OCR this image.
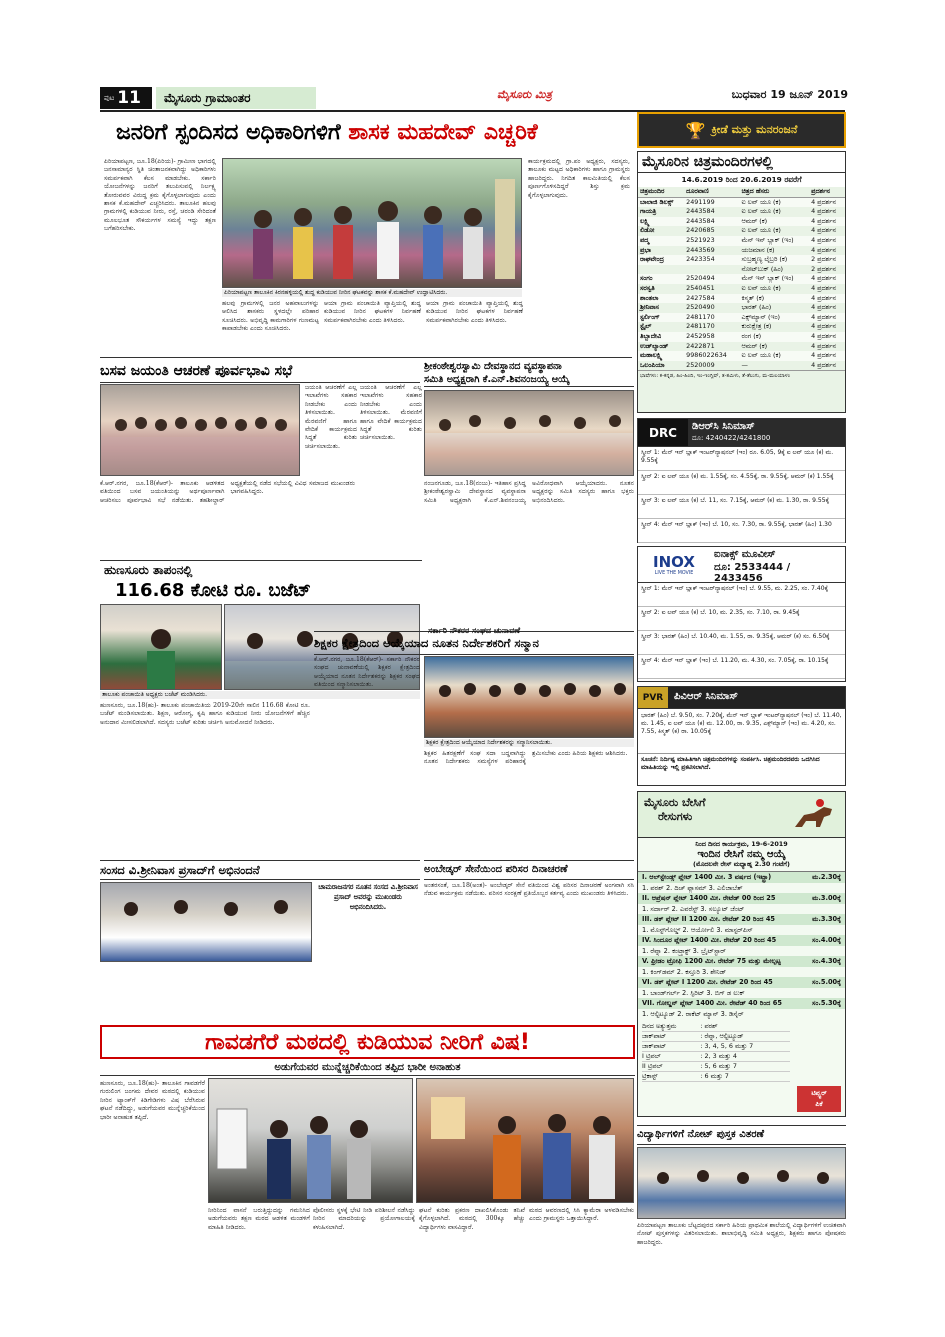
ಪುಟ 11	ಮೈಸೂರು ಗ್ರಾಮಾಂತರ	ಮೈಸೂರು ಮಿತ್ರ	ಬುಧವಾರ 19 ಜೂನ್ 2019
🏆 ಕ್ರೀಡೆ ಮತ್ತು ಮನರಂಜನೆ
ಜನರಿಗೆ ಸ್ಪಂದಿಸದ ಅಧಿಕಾರಿಗಳಿಗೆ ಶಾಸಕ ಮಹದೇವ್ ಎಚ್ಚರಿಕೆ
ಪಿರಿಯಾಪಟ್ಟಣ, ಜೂ.18(ಪಿರಿಯ)- ಗ್ರಾಮೀಣ ಭಾಗದಲ್ಲಿ ಜನಸಾಮಾನ್ಯರ ಸ್ಥಿತಿ ಚಿಂತಾಜನಕವಾಗಿದ್ದು ಅಧಿಕಾರಿಗಳು ಸಮರ್ಪಕವಾಗಿ ಕೆಲಸ ಮಾಡಬೇಕು. ಸರ್ಕಾರಿ ಯೋಜನೆಗಳನ್ನು ಜನರಿಗೆ ತಲುಪಿಸುವಲ್ಲಿ ನಿರ್ಲಕ್ಷ್ಯ ತೋರುವವರ ವಿರುದ್ಧ ಕ್ರಮ ಕೈಗೊಳ್ಳಲಾಗುವುದು ಎಂದು ಶಾಸಕ ಕೆ.ಮಹದೇವ್ ಎಚ್ಚರಿಸಿದರು. ತಾಲೂಕಿನ ಹಲವು ಗ್ರಾಮಗಳಲ್ಲಿ ಕುಡಿಯುವ ನೀರು, ರಸ್ತೆ, ಚರಂಡಿ ಸೇರಿದಂತೆ ಮೂಲಭೂತ ಸೌಕರ್ಯಗಳ ಸಮಸ್ಯೆ ಇದ್ದು ತಕ್ಷಣ ಬಗೆಹರಿಸಬೇಕು.
ಪಿರಿಯಾಪಟ್ಟಣ ತಾಲೂಕಿನ ಕಿರನಹಳ್ಳಿಯಲ್ಲಿ ಶುದ್ಧ ಕುಡಿಯುವ ನೀರಿನ ಘಟಕವನ್ನು ಶಾಸಕ ಕೆ.ಮಹದೇವ್ ಉದ್ಘಾಟಿಸಿದರು.
ಹಲವು ಗ್ರಾಮಗಳಲ್ಲಿ ಜನರ ಅಹವಾಲುಗಳನ್ನು ಆಲಿಸಿದ ಶಾಸಕರು ಸ್ಥಳದಲ್ಲೇ ಪರಿಹಾರ ಸೂಚಿಸಿದರು. ಅಭಿವೃದ್ಧಿ ಕಾಮಗಾರಿಗಳ ಗುಣಮಟ್ಟ ಕಾಪಾಡಬೇಕು ಎಂದು ಸೂಚಿಸಿದರು.
ಆಯಾ ಗ್ರಾಮ ಪಂಚಾಯಿತಿ ವ್ಯಾಪ್ತಿಯಲ್ಲಿ ಶುದ್ಧ ಕುಡಿಯುವ ನೀರಿನ ಘಟಕಗಳ ನಿರ್ವಹಣೆ ಸಮರ್ಪಕವಾಗಿರಬೇಕು ಎಂದು ತಿಳಿಸಿದರು.
ಆಯಾ ಗ್ರಾಮ ಪಂಚಾಯಿತಿ ವ್ಯಾಪ್ತಿಯಲ್ಲಿ ಶುದ್ಧ ಕುಡಿಯುವ ನೀರಿನ ಘಟಕಗಳ ನಿರ್ವಹಣೆ ಸಮರ್ಪಕವಾಗಿರಬೇಕು ಎಂದು ತಿಳಿಸಿದರು.
ಕಾರ್ಯಕ್ರಮದಲ್ಲಿ ಗ್ರಾ.ಪಂ ಅಧ್ಯಕ್ಷರು, ಸದಸ್ಯರು, ತಾಲೂಕು ಮಟ್ಟದ ಅಧಿಕಾರಿಗಳು ಹಾಗೂ ಗ್ರಾಮಸ್ಥರು ಹಾಜರಿದ್ದರು. ನಿಗದಿತ ಕಾಲಮಿತಿಯಲ್ಲಿ ಕೆಲಸ ಪೂರ್ಣಗೊಳಿಸದಿದ್ದರೆ ಶಿಸ್ತು ಕ್ರಮ ಕೈಗೊಳ್ಳಲಾಗುವುದು.
ಬಸವ ಜಯಂತಿ ಆಚರಣೆ ಪೂರ್ವಭಾವಿ ಸಭೆ
ಜಯಂತಿ ಆಚರಣೆಗೆ ಎಲ್ಲ ಇಲಾಖೆಗಳು ಸಹಕಾರ ನೀಡಬೇಕು ಎಂದು ತಿಳಿಸಲಾಯಿತು. ಮೆರವಣಿಗೆ ಹಾಗೂ ವೇದಿಕೆ ಕಾರ್ಯಕ್ರಮದ ಸಿದ್ಧತೆ ಕುರಿತು ಚರ್ಚಿಸಲಾಯಿತು.
ಕೆ.ಆರ್.ನಗರ, ಜೂ.18(ಕೆಆರ್)- ತಾಲೂಕು ಆಡಳಿತದ ವತಿಯಿಂದ ಬಸವ ಜಯಂತಿಯನ್ನು ಅರ್ಥಪೂರ್ಣವಾಗಿ ಆಚರಿಸಲು ಪೂರ್ವಭಾವಿ ಸಭೆ ನಡೆಯಿತು. ತಹಶೀಲ್ದಾರ್ ಅಧ್ಯಕ್ಷತೆಯಲ್ಲಿ ನಡೆದ ಸಭೆಯಲ್ಲಿ ವಿವಿಧ ಸಮಾಜದ ಮುಖಂಡರು ಭಾಗವಹಿಸಿದ್ದರು.
ಜಯಂತಿ ಆಚರಣೆಗೆ ಎಲ್ಲ ಇಲಾಖೆಗಳು ಸಹಕಾರ ನೀಡಬೇಕು ಎಂದು ತಿಳಿಸಲಾಯಿತು. ಮೆರವಣಿಗೆ ಹಾಗೂ ವೇದಿಕೆ ಕಾರ್ಯಕ್ರಮದ ಸಿದ್ಧತೆ ಕುರಿತು ಚರ್ಚಿಸಲಾಯಿತು.
ಶ್ರೀಕಂಠೇಶ್ವರಸ್ವಾಮಿ ದೇವಸ್ಥಾನದ ವ್ಯವಸ್ಥಾಪನಾ
ಸಮಿತಿ ಅಧ್ಯಕ್ಷರಾಗಿ ಕೆ.ಎನ್.ಶಿವನಂಜಯ್ಯ ಆಯ್ಕೆ
ನಂಜನಗೂಡು, ಜೂ.18(ನಂಜು)- ಇತಿಹಾಸ ಪ್ರಸಿದ್ಧ ಶ್ರೀಕಂಠೇಶ್ವರಸ್ವಾಮಿ ದೇವಸ್ಥಾನದ ವ್ಯವಸ್ಥಾಪನಾ ಸಮಿತಿ ಅಧ್ಯಕ್ಷರಾಗಿ ಕೆ.ಎನ್.ಶಿವನಂಜಯ್ಯ ಅವಿರೋಧವಾಗಿ ಆಯ್ಕೆಯಾದರು. ನೂತನ ಅಧ್ಯಕ್ಷರನ್ನು ಸಮಿತಿ ಸದಸ್ಯರು ಹಾಗೂ ಭಕ್ತರು ಅಭಿನಂದಿಸಿದರು.
ಹುಣಸೂರು ತಾಪಂನಲ್ಲಿ
116.68 ಕೋಟಿ ರೂ. ಬಜೆಟ್
ತಾಲೂಕು ಪಂಚಾಯಿತಿ ಅಧ್ಯಕ್ಷರು ಬಜೆಟ್ ಮಂಡಿಸಿದರು.
ಹುಣಸೂರು, ಜೂ.18(ಹು)- ತಾಲೂಕು ಪಂಚಾಯಿತಿಯ 2019-20ನೇ ಸಾಲಿನ 116.68 ಕೋಟಿ ರೂ. ಬಜೆಟ್ ಮಂಡಿಸಲಾಯಿತು. ಶಿಕ್ಷಣ, ಆರೋಗ್ಯ, ಕೃಷಿ ಹಾಗೂ ಕುಡಿಯುವ ನೀರು ಯೋಜನೆಗಳಿಗೆ ಹೆಚ್ಚಿನ ಅನುದಾನ ಮೀಸಲಿಡಲಾಗಿದೆ. ಸದಸ್ಯರು ಬಜೆಟ್ ಕುರಿತು ಚರ್ಚಿಸಿ ಅನುಮೋದನೆ ನೀಡಿದರು.
ಸರ್ಕಾರಿ ನೌಕರರ ಸಂಘದ ಚುನಾವಣೆ
ಶಿಕ್ಷಕರ ಕ್ಷೇತ್ರದಿಂದ ಆಯ್ಕೆಯಾದ ನೂತನ ನಿರ್ದೇಶಕರಿಗೆ ಸನ್ಮಾನ
ಕೆ.ಆರ್.ನಗರ, ಜೂ.18(ಕೆಆರ್)- ಸರ್ಕಾರಿ ನೌಕರರ ಸಂಘದ ಚುನಾವಣೆಯಲ್ಲಿ ಶಿಕ್ಷಕರ ಕ್ಷೇತ್ರದಿಂದ ಆಯ್ಕೆಯಾದ ನೂತನ ನಿರ್ದೇಶಕರನ್ನು ಶಿಕ್ಷಕರ ಸಂಘದ ವತಿಯಿಂದ ಸನ್ಮಾನಿಸಲಾಯಿತು.
ಶಿಕ್ಷಕರ ಕ್ಷೇತ್ರದಿಂದ ಆಯ್ಕೆಯಾದ ನಿರ್ದೇಶಕರನ್ನು ಸನ್ಮಾನಿಸಲಾಯಿತು.
ಶಿಕ್ಷಕರ ಹಿತರಕ್ಷಣೆಗೆ ಸಂಘ ಸದಾ ಬದ್ಧವಾಗಿದ್ದು ನೂತನ ನಿರ್ದೇಶಕರು ಸಮಸ್ಯೆಗಳ ಪರಿಹಾರಕ್ಕೆ ಶ್ರಮಿಸಬೇಕು ಎಂದು ಹಿರಿಯ ಶಿಕ್ಷಕರು ಆಶಿಸಿದರು.
ಸಂಸದ ವಿ.ಶ್ರೀನಿವಾಸ ಪ್ರಸಾದ್‌ಗೆ ಅಭಿನಂದನೆ
ಚಾಮರಾಜನಗರ ನೂತನ ಸಂಸದ ವಿ.ಶ್ರೀನಿವಾಸ ಪ್ರಸಾದ್ ಅವರನ್ನು ಮುಖಂಡರು ಅಭಿನಂದಿಸಿದರು.
ಅಂಬೇಡ್ಕರ್ ಸೇನೆಯಿಂದ ಪರಿಸರ ದಿನಾಚರಣೆ
ಅಂತರಸಂತೆ, ಜೂ.18(ಅಂತ)- ಅಂಬೇಡ್ಕರ್ ಸೇನೆ ವತಿಯಿಂದ ವಿಶ್ವ ಪರಿಸರ ದಿನಾಚರಣೆ ಅಂಗವಾಗಿ ಸಸಿ ನೆಡುವ ಕಾರ್ಯಕ್ರಮ ನಡೆಯಿತು. ಪರಿಸರ ಸಂರಕ್ಷಣೆ ಪ್ರತಿಯೊಬ್ಬರ ಕರ್ತವ್ಯ ಎಂದು ಮುಖಂಡರು ತಿಳಿಸಿದರು.
ಗಾವಡಗೆರೆ ಮಠದಲ್ಲಿ ಕುಡಿಯುವ ನೀರಿಗೆ ವಿಷ!
ಅಡುಗೆಯವರ ಮುನ್ನೆಚ್ಚರಿಕೆಯಿಂದ ತಪ್ಪಿದ ಭಾರೀ ಅನಾಹುತ
ಹುಣಸೂರು, ಜೂ.18(ಹು)- ತಾಲೂಕಿನ ಗಾವಡಗೆರೆ ಗುರುಲಿಂಗ ಜಂಗಮ ದೇವರ ಮಠದಲ್ಲಿ ಕುಡಿಯುವ ನೀರಿನ ಟ್ಯಾಂಕ್‌ಗೆ ಕಿಡಿಗೇಡಿಗಳು ವಿಷ ಬೆರೆಸಿರುವ ಘಟನೆ ನಡೆದಿದ್ದು, ಅಡುಗೆಯವರ ಮುನ್ನೆಚ್ಚರಿಕೆಯಿಂದ ಭಾರೀ ಅನಾಹುತ ತಪ್ಪಿದೆ.
ನೀರಿನಿಂದ ವಾಸನೆ ಬರುತ್ತಿದ್ದುದನ್ನು ಗಮನಿಸಿದ ಅಡುಗೆಯವರು ತಕ್ಷಣ ಮಠದ ಆಡಳಿತ ಮಂಡಳಿಗೆ ಮಾಹಿತಿ ನೀಡಿದರು.
ಪೊಲೀಸರು ಸ್ಥಳಕ್ಕೆ ಭೇಟಿ ನೀಡಿ ಪರಿಶೀಲನೆ ನಡೆಸಿದ್ದು ನೀರಿನ ಮಾದರಿಯನ್ನು ಪ್ರಯೋಗಾಲಯಕ್ಕೆ ಕಳುಹಿಸಲಾಗಿದೆ.
ಘಟನೆ ಕುರಿತು ಪ್ರಕರಣ ದಾಖಲಿಸಿಕೊಂಡು ತನಿಖೆ ಕೈಗೊಳ್ಳಲಾಗಿದೆ. ಮಠದಲ್ಲಿ 300ಕ್ಕೂ ಹೆಚ್ಚು ವಿದ್ಯಾರ್ಥಿಗಳು ವಾಸವಿದ್ದಾರೆ.
ಮಠದ ಆವರಣದಲ್ಲಿ ಸಿಸಿ ಕ್ಯಾಮೆರಾ ಅಳವಡಿಸಬೇಕು ಎಂದು ಗ್ರಾಮಸ್ಥರು ಒತ್ತಾಯಿಸಿದ್ದಾರೆ.
ಮೈಸೂರಿನ ಚಿತ್ರಮಂದಿರಗಳಲ್ಲಿ
14.6.2019 ರಿಂದ 20.6.2019 ರವರೆಗೆ
ಚಿತ್ರಮಂದಿರ	ದೂರವಾಣಿ	ಚಿತ್ರದ ಹೆಸರು	ಪ್ರದರ್ಶನ
ಬಾಲಾಜಿ ಡಿಲಕ್ಸ್	2491199	ಐ ಲವ್ ಯೂ (ಕ)	4 ಪ್ರದರ್ಶನ
ಗಾಯತ್ರಿ	2443584	ಐ ಲವ್ ಯೂ (ಕ)	4 ಪ್ರದರ್ಶನ
ಲಕ್ಷ್ಮಿ	2443584	ಆಮರ್ (ಕ)	4 ಪ್ರದರ್ಶನ
ಲಿಡೋ	2420685	ಐ ಲವ್ ಯೂ (ಕ)	4 ಪ್ರದರ್ಶನ
ಪದ್ಮ	2521923	ಮೆನ್ ಇನ್ ಬ್ಲಾಕ್ (ಇಂ)	4 ಪ್ರದರ್ಶನ
ಪ್ರಭಾ	2443569	ಯಜಮಾನ (ಕ)	4 ಪ್ರದರ್ಶನ
ರಾಘವೇಂದ್ರ	2423354	ಸುಬ್ರಹ್ಮಣ್ಯ ಲೈಬ್ರರಿ (ಕ)	2 ಪ್ರದರ್ಶನ
		ನೋಟ್‌ಬುಕ್ (ಹಿಂ)	2 ಪ್ರದರ್ಶನ
ಸಂಗಂ	2520494	ಮೆನ್ ಇನ್ ಬ್ಲಾಕ್ (ಇಂ)	4 ಪ್ರದರ್ಶನ
ಸರಸ್ವತಿ	2540451	ಐ ಲವ್ ಯೂ (ಕ)	4 ಪ್ರದರ್ಶನ
ಶಾಂತಲಾ	2427584	ಕಿಸ್ಮತ್ (ಕ)	4 ಪ್ರದರ್ಶನ
ಶ್ರೀನಿವಾಸ	2520490	ಭಾರತ್ (ಹಿಂ)	4 ಪ್ರದರ್ಶನ
ಸ್ಟರ್ಲಿಂಗ್	2481170	ಎಕ್ಸ್‌ಮ್ಯಾನ್ (ಇಂ)	4 ಪ್ರದರ್ಶನ
ಸ್ಟೈಲ್	2481170	ಕುರುಕ್ಷೇತ್ರ (ಕ)	4 ಪ್ರದರ್ಶನ
ತಿಬ್ಬಾದೇವಿ	2452958	ರಂಗ (ಕ)	4 ಪ್ರದರ್ಶನ
ಉಡ್‌ಲ್ಯಾಂಡ್	2422871	ಆಮರ್ (ಕ)	4 ಪ್ರದರ್ಶನ
ಮಹಾಲಕ್ಷ್ಮಿ	9986022634	ಐ ಲವ್ ಯೂ (ಕ)	4 ಪ್ರದರ್ಶನ
ಒಲಂಪಿಯಾ	2520009	—	4 ಪ್ರದರ್ಶನ
ಭಾಷೆಗಳು: ಕ-ಕನ್ನಡ, ಹಿಂ-ಹಿಂದಿ, ಇಂ-ಇಂಗ್ಲಿಷ್, ತ-ತಮಿಳು, ತೆ-ತೆಲುಗು, ಮ-ಮಲಯಾಳಂ
DRC	ಡಿಆರ್‌ಸಿ ಸಿನಿಮಾಸ್
ದೂ: 4240422/4241800
ಸ್ಕ್ರೀನ್ 1: ಮೆನ್ ಇನ್ ಬ್ಲಾಕ್ ಇಂಟರ್‌ನ್ಯಾಷನಲ್ (ಇಂ) ರೂ. 6.05, 9ಕ್ಕೆ ಐ ಲವ್ ಯೂ (ಕ) ಮ. 9.55ಕ್ಕೆ
ಸ್ಕ್ರೀನ್ 2: ಐ ಲವ್ ಯೂ (ಕ) ಮ. 1.55ಕ್ಕೆ, ಸಂ. 4.55ಕ್ಕೆ, ರಾ. 9.55ಕ್ಕೆ, ಆಮರ್ (ಕ) 1.55ಕ್ಕೆ
ಸ್ಕ್ರೀನ್ 3: ಐ ಲವ್ ಯೂ (ಕ) ಬೆ. 11, ಸಂ. 7.15ಕ್ಕೆ, ಆಮರ್ (ಕ) ಮ. 1.30, ರಾ. 9.55ಕ್ಕೆ
ಸ್ಕ್ರೀನ್ 4: ಮೆನ್ ಇನ್ ಬ್ಲಾಕ್ (ಇಂ) ಬೆ. 10, ಸಂ. 7.30, ರಾ. 9.55ಕ್ಕೆ, ಭಾರತ್ (ಹಿಂ) 1.30
INOX
LIVE THE MOVIE
ಐನಾಕ್ಸ್ ಮೂವೀಸ್
ದೂ: 2533444 / 2433456
ಸ್ಕ್ರೀನ್ 1: ಮೆನ್ ಇನ್ ಬ್ಲಾಕ್ ಇಂಟರ್‌ನ್ಯಾಷನಲ್ (ಇಂ) ಬೆ. 9.55, ಮ. 2.25, ಸಂ. 7.40ಕ್ಕೆ
ಸ್ಕ್ರೀನ್ 2: ಐ ಲವ್ ಯೂ (ಕ) ಬೆ. 10, ಮ. 2.35, ಸಂ. 7.10, ರಾ. 9.45ಕ್ಕೆ
ಸ್ಕ್ರೀನ್ 3: ಭಾರತ್ (ಹಿಂ) ಬೆ. 10.40, ಮ. 1.55, ರಾ. 9.35ಕ್ಕೆ, ಆಮರ್ (ಕ) ಸಂ. 6.50ಕ್ಕೆ
ಸ್ಕ್ರೀನ್ 4: ಮೆನ್ ಇನ್ ಬ್ಲಾಕ್ (ಇಂ) ಬೆ. 11.20, ಮ. 4.30, ಸಂ. 7.05ಕ್ಕೆ, ರಾ. 10.15ಕ್ಕೆ
PVR	ಪಿವಿಆರ್ ಸಿನಿಮಾಸ್
ಭಾರತ್ (ಹಿಂ) ಬೆ. 9.50, ಸಂ. 7.20ಕ್ಕೆ, ಮೆನ್ ಇನ್ ಬ್ಲಾಕ್ ಇಂಟರ್‌ನ್ಯಾಷನಲ್ (ಇಂ) ಬೆ. 11.40, ಮ. 1.45, ಐ ಲವ್ ಯೂ (ಕ) ಮ. 12.00, ರಾ. 9.35, ಎಕ್ಸ್‌ಮ್ಯಾನ್ (ಇಂ) ಮ. 4.20, ಸಂ. 7.55, ಕಿಸ್ಮತ್ (ಕ) ರಾ. 10.05ಕ್ಕೆ
ಸೂಚನೆ: ನಿರ್ದಿಷ್ಟ ಮಾಹಿತಿಗಾಗಿ ಚಿತ್ರಮಂದಿರಗಳನ್ನು ಸಂಪರ್ಕಿಸಿ. ಚಿತ್ರಮಂದಿರದವರು ಒದಗಿಸಿದ ಮಾಹಿತಿಯನ್ನು ಇಲ್ಲಿ ಪ್ರಕಟಿಸಲಾಗಿದೆ.
ಮೈಸೂರು ಬೇಸಿಗೆ
ರೇಸುಗಳು
ನಿಂದ ದಿನದ ಕಾರ್ಯಕ್ರಮ, 19-6-2019
ಇಂದಿನ ರೇಸಿಗೆ ನಮ್ಮ ಆಯ್ಕೆ
(ಮೊದಲನೇ ರೇಸ್ ಮಧ್ಯಾಹ್ನ 2.30 ಗಂಟೆಗೆ)
I. ಆಲ್‌ಸ್ಟೇಂಡ್ಸ್ ಪ್ಲೇಟ್ 1400 ಮೀ. 3 ವರ್ಷದ (ಇಟ್ಟ್ರಾ)	ಮ.2.30ಕ್ಕೆ
1. ಪರಶ್ 2. ದಿಚ್ ಫ್ಲಾಸಮ್ 3. ಎಲಿಜಾಬೆತ್
II. ಆಪ್ರೆಷನ್ ಪ್ಲೇಟ್ 1400 ಮೀ. ರೇಟೆಡ್ 00 ರಿಂದ 25	ಮ.3.00ಕ್ಕೆ
1. ಸರ್ದಾರ್ 2. ಎವರೆಸ್ಟ್ 3. ಸಲ್ಯೂಟ್ ಜೆಂಟ್
III. ಡಕ್ ಪ್ಲೇಟ್ II 1200 ಮೀ. ರೇಟೆಡ್ 20 ರಿಂದ 45	ಮ.3.30ಕ್ಕೆ
1. ಮೊಸ್ಟ್‌ಗೊಲ್ಡ್ 2. ಆರ್ಯೋಲಿ 3. ಮಾಸ್ಟರ್‌ಪಿಸ್
IV. ಸಿಂದೂರ ಪ್ಲೇಟ್ 1400 ಮೀ. ರೇಟೆಡ್ 20 ರಿಂದ 45	ಸಂ.4.00ಕ್ಕೆ
1. ರೆವ್ನಾ 2. ಕಂಟ್ರ್ಯಾಕ್ಟ್ 3. ಬ್ರೈಟ್‌ಸ್ಟಾರ್
V. ಫ್ರೀಡಂ ಟ್ರೋಫಿ 1200 ಮೀ. ರೇಟೆಡ್ 75 ಮತ್ತು ಮೇಲ್ಪಟ್ಟ	ಸಂ.4.30ಕ್ಕೆ
1. ಕಿಂಗ್‌ಡಮ್ 2. ಕಸ್ತೂರಿ 3. ಶೇನಿಡ್
VI. ಡಕ್ ಪ್ಲೇಟ್ I 1200 ಮೀ. ರೇಟೆಡ್ 20 ರಿಂದ 45	ಸಂ.5.00ಕ್ಕೆ
1. ಬಾಂಡ್‌ಗರ್ಲ್ 2. ಸ್ಪಿರಿಟ್ 3. ಬಿಗ್ ಡ ಲುಕ್
VII. ಗೋಲ್ಡನ್ ಪ್ಲೇಟ್ 1400 ಮೀ. ರೇಟೆಡ್ 40 ರಿಂದ 65	ಸಂ.5.30ಕ್ಕೆ
1. ಆಲ್ಟಿಟ್ಯೂಡ್ 2. ರಾಕೆಟ್ ಮ್ಯಾನ್ 3. ಡಿಸೈರ್
ದಿನದ ಅತ್ಯುತ್ತಮ	: ಪರಶ್
ಜಾಕ್‌ಪಾಟ್	: ರೆವ್ನಾ, ಆಲ್ಟಿಟ್ಯೂಡ್
ಜಾಕ್‌ಪಾಟ್	: 3, 4, 5, 6 ಮತ್ತು 7
I ಟ್ರಿಪಲ್	: 2, 3 ಮತ್ತು 4
II ಟ್ರಿಪಲ್	: 5, 6 ಮತ್ತು 7
ಟ್ರಿಕಾಸ್ಟ್	: 6 ಮತ್ತು 7
ಟಿಪ್ಸ್ಟರ್
ಪಿಕೆ
ವಿದ್ಯಾರ್ಥಿಗಳಿಗೆ ನೋಟ್ ಪುಸ್ತಕ ವಿತರಣೆ
ಪಿರಿಯಾಪಟ್ಟಣ ತಾಲೂಕು ಬೆಟ್ಟದಪುರದ ಸರ್ಕಾರಿ ಹಿರಿಯ ಪ್ರಾಥಮಿಕ ಶಾಲೆಯಲ್ಲಿ ವಿದ್ಯಾರ್ಥಿಗಳಿಗೆ ಉಚಿತವಾಗಿ ನೋಟ್ ಪುಸ್ತಕಗಳನ್ನು ವಿತರಿಸಲಾಯಿತು. ಶಾಲಾಭಿವೃದ್ಧಿ ಸಮಿತಿ ಅಧ್ಯಕ್ಷರು, ಶಿಕ್ಷಕರು ಹಾಗೂ ಪೋಷಕರು ಹಾಜರಿದ್ದರು.
